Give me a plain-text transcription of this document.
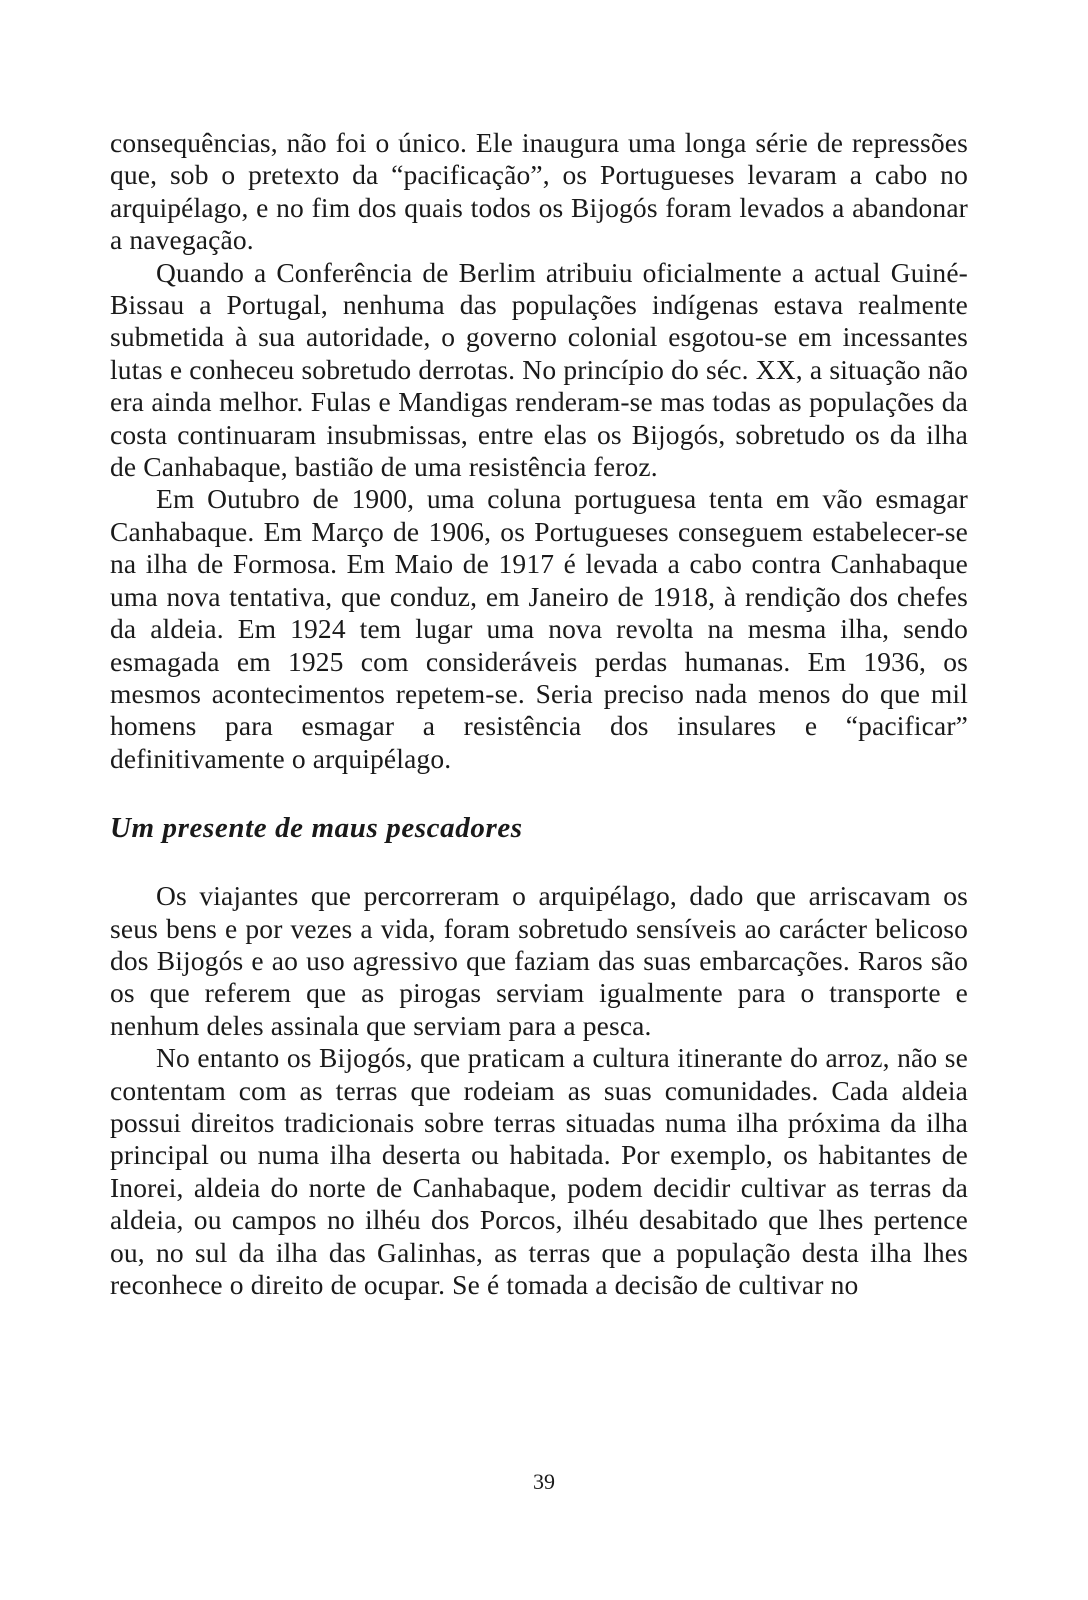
consequências, não foi o único. Ele inaugura uma longa série de repressões que, sob o pretexto da “pacificação”, os Portugueses levaram a cabo no arquipélago, e no fim dos quais todos os Bijogós foram levados a abandonar a navegação.

Quando a Conferência de Berlim atribuiu oficialmente a actual Guiné-Bissau a Portugal, nenhuma das populações indígenas estava realmente submetida à sua autoridade, o governo colonial esgotou-se em incessantes lutas e conheceu sobretudo derrotas. No princípio do séc. XX, a situação não era ainda melhor. Fulas e Mandigas renderam-se mas todas as populações da costa continuaram insubmissas, entre elas os Bijogós, sobretudo os da ilha de Canhabaque, bastião de uma resistência feroz.

Em Outubro de 1900, uma coluna portuguesa tenta em vão esmagar Canhabaque. Em Março de 1906, os Portugueses conseguem estabelecer-se na ilha de Formosa. Em Maio de 1917 é levada a cabo contra Canhabaque uma nova tentativa, que conduz, em Janeiro de 1918, à rendição dos chefes da aldeia. Em 1924 tem lugar uma nova revolta na mesma ilha, sendo esmagada em 1925 com consideráveis perdas humanas. Em 1936, os mesmos acontecimentos repetem-se. Seria preciso nada menos do que mil homens para esmagar a resistência dos insulares e “pacificar” definitivamente o arquipélago.

Um presente de maus pescadores

Os viajantes que percorreram o arquipélago, dado que arriscavam os seus bens e por vezes a vida, foram sobretudo sensíveis ao carácter belicoso dos Bijogós e ao uso agressivo que faziam das suas embarcações. Raros são os que referem que as pirogas serviam igualmente para o transporte e nenhum deles assinala que serviam para a pesca.

No entanto os Bijogós, que praticam a cultura itinerante do arroz, não se contentam com as terras que rodeiam as suas comunidades. Cada aldeia possui direitos tradicionais sobre terras situadas numa ilha próxima da ilha principal ou numa ilha deserta ou habitada. Por exemplo, os habitantes de Inorei, aldeia do norte de Canhabaque, podem decidir cultivar as terras da aldeia, ou campos no ilhéu dos Porcos, ilhéu desabitado que lhes pertence ou, no sul da ilha das Galinhas, as terras que a população desta ilha lhes reconhece o direito de ocupar. Se é tomada a decisão de cultivar no

39
